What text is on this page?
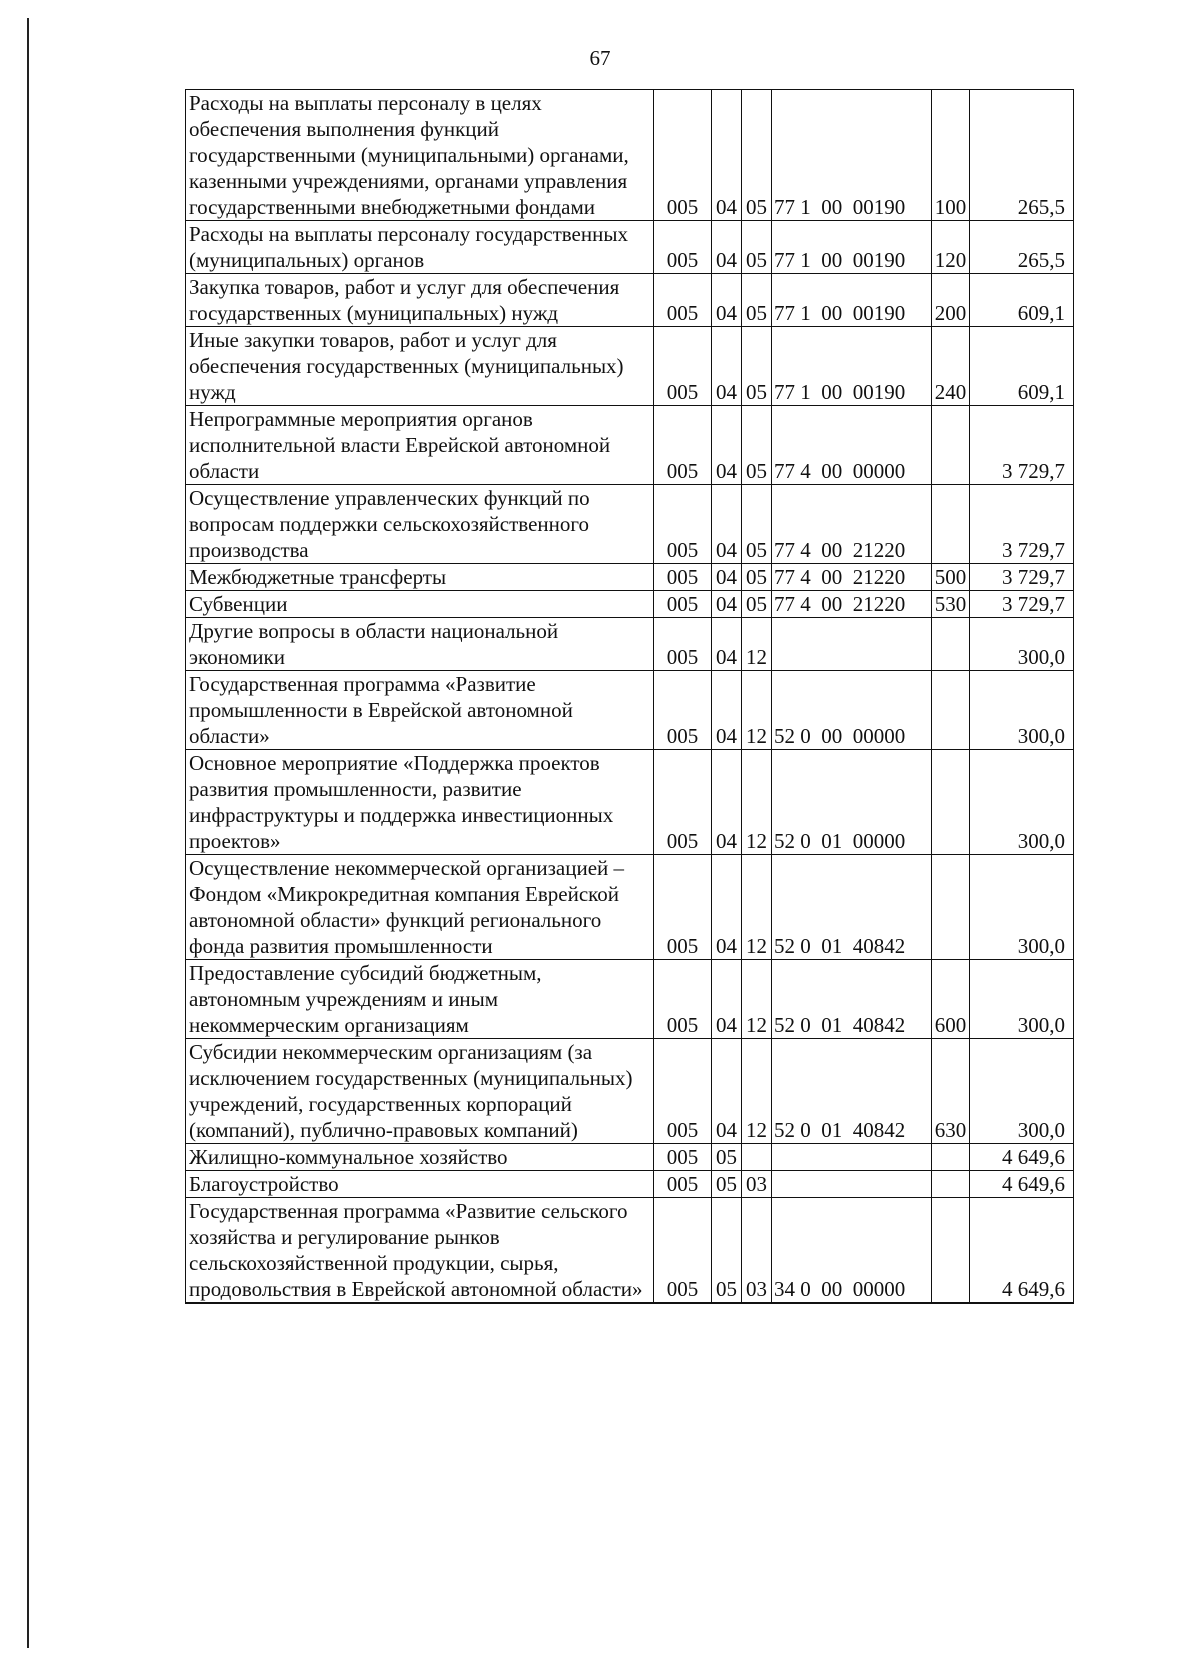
67
Расходы на выплаты персоналу в целях обеспечения выполнения функций государственными (муниципальными) органами, казенными учреждениями, органами управления государственными внебюджетными фондами	005	04	05	77 1  00  00190	100	265,5
Расходы на выплаты персоналу государственных (муниципальных) органов	005	04	05	77 1  00  00190	120	265,5
Закупка товаров, работ и услуг для обеспечения государственных (муниципальных) нужд	005	04	05	77 1  00  00190	200	609,1
Иные закупки товаров, работ и услуг для обеспечения государственных (муниципальных) нужд	005	04	05	77 1  00  00190	240	609,1
Непрограммные мероприятия органов исполнительной власти Еврейской автономной области	005	04	05	77 4  00  00000		3 729,7
Осуществление управленческих функций по вопросам поддержки сельскохозяйственного производства	005	04	05	77 4  00  21220		3 729,7
Межбюджетные трансферты	005	04	05	77 4  00  21220	500	3 729,7
Субвенции	005	04	05	77 4  00  21220	530	3 729,7
Другие вопросы в области национальной экономики	005	04	12			300,0
Государственная программа «Развитие промышленности в Еврейской автономной области»	005	04	12	52 0  00  00000		300,0
Основное мероприятие «Поддержка проектов развития промышленности, развитие инфраструктуры и поддержка инвестиционных проектов»	005	04	12	52 0  01  00000		300,0
Осуществление некоммерческой организацией – Фондом «Микрокредитная компания Еврейской автономной области» функций регионального фонда развития промышленности	005	04	12	52 0  01  40842		300,0
Предоставление субсидий бюджетным, автономным учреждениям и иным некоммерческим организациям	005	04	12	52 0  01  40842	600	300,0
Субсидии некоммерческим организациям (за исключением государственных (муниципальных) учреждений, государственных корпораций (компаний), публично-правовых компаний)	005	04	12	52 0  01  40842	630	300,0
Жилищно-коммунальное хозяйство	005	05				4 649,6
Благоустройство	005	05	03			4 649,6
Государственная программа «Развитие сельского хозяйства и регулирование рынков сельскохозяйственной продукции, сырья, продовольствия в Еврейской автономной области»	005	05	03	34 0  00  00000		4 649,6
